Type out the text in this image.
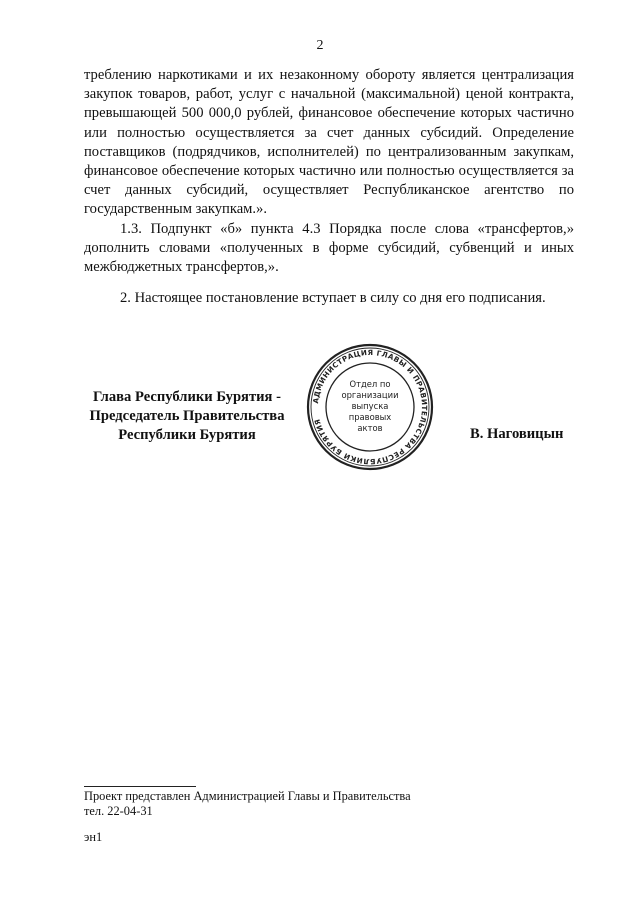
2

треблению наркотиками и их незаконному обороту является централизация закупок товаров, работ, услуг с начальной (максимальной) ценой контракта, превышающей 500 000,0 рублей, финансовое обеспечение которых частично или полностью осуществляется за счет данных субсидий. Определение поставщиков (подрядчиков, исполнителей) по централизованным закупкам, финансовое обеспечение которых частично или полностью осуществляется за счет данных субсидий, осуществляет Республиканское агентство по государственным закупкам.».

1.3. Подпункт «б» пункта 4.3 Порядка после слова «трансфертов,» дополнить словами «полученных в форме субсидий, субвенций и иных межбюджетных трансфертов,».

2. Настоящее постановление вступает в силу со дня его подписания.

Глава Республики Бурятия -
Председатель Правительства
Республики Бурятия
АДМИНИСТРАЦИЯ ГЛАВЫ И ПРАВИТЕЛЬСТВА РЕСПУБЛИКИ БУРЯТИЯ
Отдел по
организации
выпуска
правовых
актов	В. Наговицын
Проект представлен Администрацией Главы и Правительства
тел. 22-04-31
эн1
